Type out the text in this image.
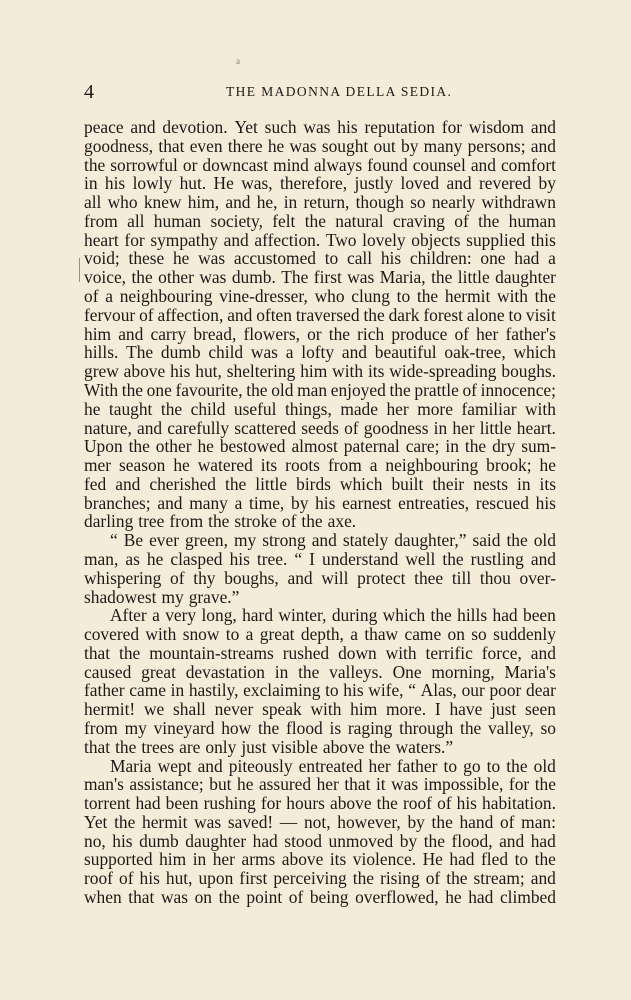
a
4	THE MADONNA DELLA SEDIA.
peace and devotion. Yet such was his reputation for wisdom and
goodness, that even there he was sought out by many persons; and
the sorrowful or downcast mind always found counsel and comfort
in his lowly hut. He was, therefore, justly loved and revered by
all who knew him, and he, in return, though so nearly withdrawn
from all human society, felt the natural craving of the human
heart for sympathy and affection. Two lovely objects supplied this
void; these he was accustomed to call his children: one had a
voice, the other was dumb. The first was Maria, the little daughter
of a neighbouring vine-dresser, who clung to the hermit with the
fervour of affection, and often traversed the dark forest alone to visit
him and carry bread, flowers, or the rich produce of her father's
hills. The dumb child was a lofty and beautiful oak-tree, which
grew above his hut, sheltering him with its wide-spreading boughs.
With the one favourite, the old man enjoyed the prattle of innocence;
he taught the child useful things, made her more familiar with
nature, and carefully scattered seeds of goodness in her little heart.
Upon the other he bestowed almost paternal care; in the dry sum-
mer season he watered its roots from a neighbouring brook; he
fed and cherished the little birds which built their nests in its
branches; and many a time, by his earnest entreaties, rescued his
darling tree from the stroke of the axe.
“ Be ever green, my strong and stately daughter,” said the old
man, as he clasped his tree. “ I understand well the rustling and
whispering of thy boughs, and will protect thee till thou over-
shadowest my grave.”
After a very long, hard winter, during which the hills had been
covered with snow to a great depth, a thaw came on so suddenly
that the mountain-streams rushed down with terrific force, and
caused great devastation in the valleys. One morning, Maria's
father came in hastily, exclaiming to his wife, “ Alas, our poor dear
hermit! we shall never speak with him more. I have just seen
from my vineyard how the flood is raging through the valley, so
that the trees are only just visible above the waters.”
Maria wept and piteously entreated her father to go to the old
man's assistance; but he assured her that it was impossible, for the
torrent had been rushing for hours above the roof of his habitation.
Yet the hermit was saved! — not, however, by the hand of man:
no, his dumb daughter had stood unmoved by the flood, and had
supported him in her arms above its violence. He had fled to the
roof of his hut, upon first perceiving the rising of the stream; and
when that was on the point of being overflowed, he had climbed
